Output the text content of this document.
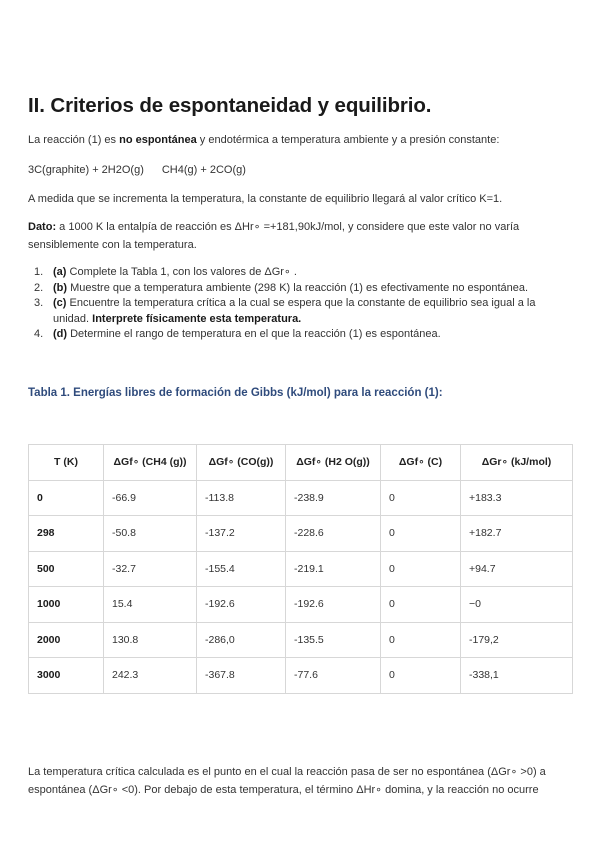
II. Criterios de espontaneidad y equilibrio.
La reacción (1) es no espontánea y endotérmica a temperatura ambiente y a presión constante:
3C(graphite) + 2H2O(g) CH4(g) + 2CO(g)
A medida que se incrementa la temperatura, la constante de equilibrio llegará al valor crítico K=1.
Dato: a 1000 K la entalpía de reacción es ΔHr∘ =+181,90kJ/mol, y considere que este valor no varía sensiblemente con la temperatura.
1. (a) Complete la Tabla 1, con los valores de ΔGr∘ .
2. (b) Muestre que a temperatura ambiente (298 K) la reacción (1) es efectivamente no espontánea.
3. (c) Encuentre la temperatura crítica a la cual se espera que la constante de equilibrio sea igual a la unidad. Interprete físicamente esta temperatura.
4. (d) Determine el rango de temperatura en el que la reacción (1) es espontánea.
Tabla 1. Energías libres de formación de Gibbs (kJ/mol) para la reacción (1):
T (K)	ΔGf∘ (CH4 (g))	ΔGf∘ (CO(g))	ΔGf∘ (H2 O(g))	ΔGf∘ (C)	ΔGr∘ (kJ/mol)
0	-66.9	-113.8	-238.9	0	+183.3
298	-50.8	-137.2	-228.6	0	+182.7
500	-32.7	-155.4	-219.1	0	+94.7
1000	15.4	-192.6	-192.6	0	−0
2000	130.8	-286,0	-135.5	0	-179,2
3000	242.3	-367.8	-77.6	0	-338,1
La temperatura crítica calculada es el punto en el cual la reacción pasa de ser no espontánea (ΔGr∘ >0) a espontánea (ΔGr∘ <0). Por debajo de esta temperatura, el término ΔHr∘ domina, y la reacción no ocurre
